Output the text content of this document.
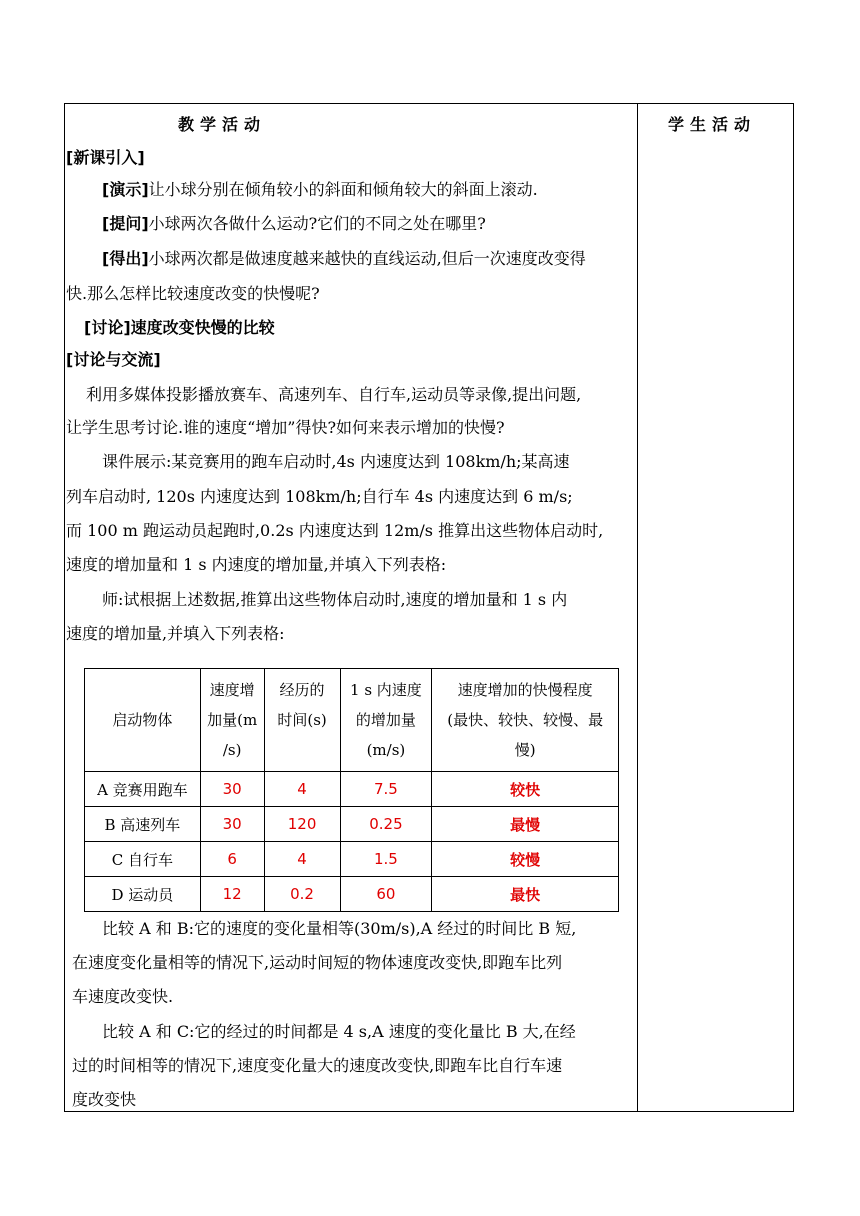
教学活动	学生活动
[新课引入]
[演示]让小球分别在倾角较小的斜面和倾角较大的斜面上滚动.
[提问]小球两次各做什么运动?它们的不同之处在哪里?
[得出]小球两次都是做速度越来越快的直线运动,但后一次速度改变得
快.那么怎样比较速度改变的快慢呢?
[讨论]速度改变快慢的比较
[讨论与交流]
利用多媒体投影播放赛车、高速列车、自行车,运动员等录像,提出问题,
让学生思考讨论.谁的速度“增加”得快?如何来表示增加的快慢?
课件展示:某竞赛用的跑车启动时,4s 内速度达到 108km/h;某高速
列车启动时, 120s 内速度达到 108km/h;自行车 4s 内速度达到 6 m/s;
而 100 m 跑运动员起跑时,0.2s 内速度达到 12m/s 推算出这些物体启动时,
速度的增加量和 1 s 内速度的增加量,并填入下列表格:
师:试根据上述数据,推算出这些物体启动时,速度的增加量和 1 s 内
速度的增加量,并填入下列表格:
启动物体	速度增
加量(m
/s)	经历的
时间(s)	1 s 内速度
的增加量
(m/s)	速度增加的快慢程度
(最快、较快、较慢、最
慢)
A 竞赛用跑车	30	4	7.5	较快
B 高速列车	30	120	0.25	最慢
C 自行车	6	4	1.5	较慢
D 运动员	12	0.2	60	最快
比较 A 和 B:它的速度的变化量相等(30m/s),A 经过的时间比 B 短,
在速度变化量相等的情况下,运动时间短的物体速度改变快,即跑车比列
车速度改变快.
比较 A 和 C:它的经过的时间都是 4 s,A 速度的变化量比 B 大,在经
过的时间相等的情况下,速度变化量大的速度改变快,即跑车比自行车速
度改变快
